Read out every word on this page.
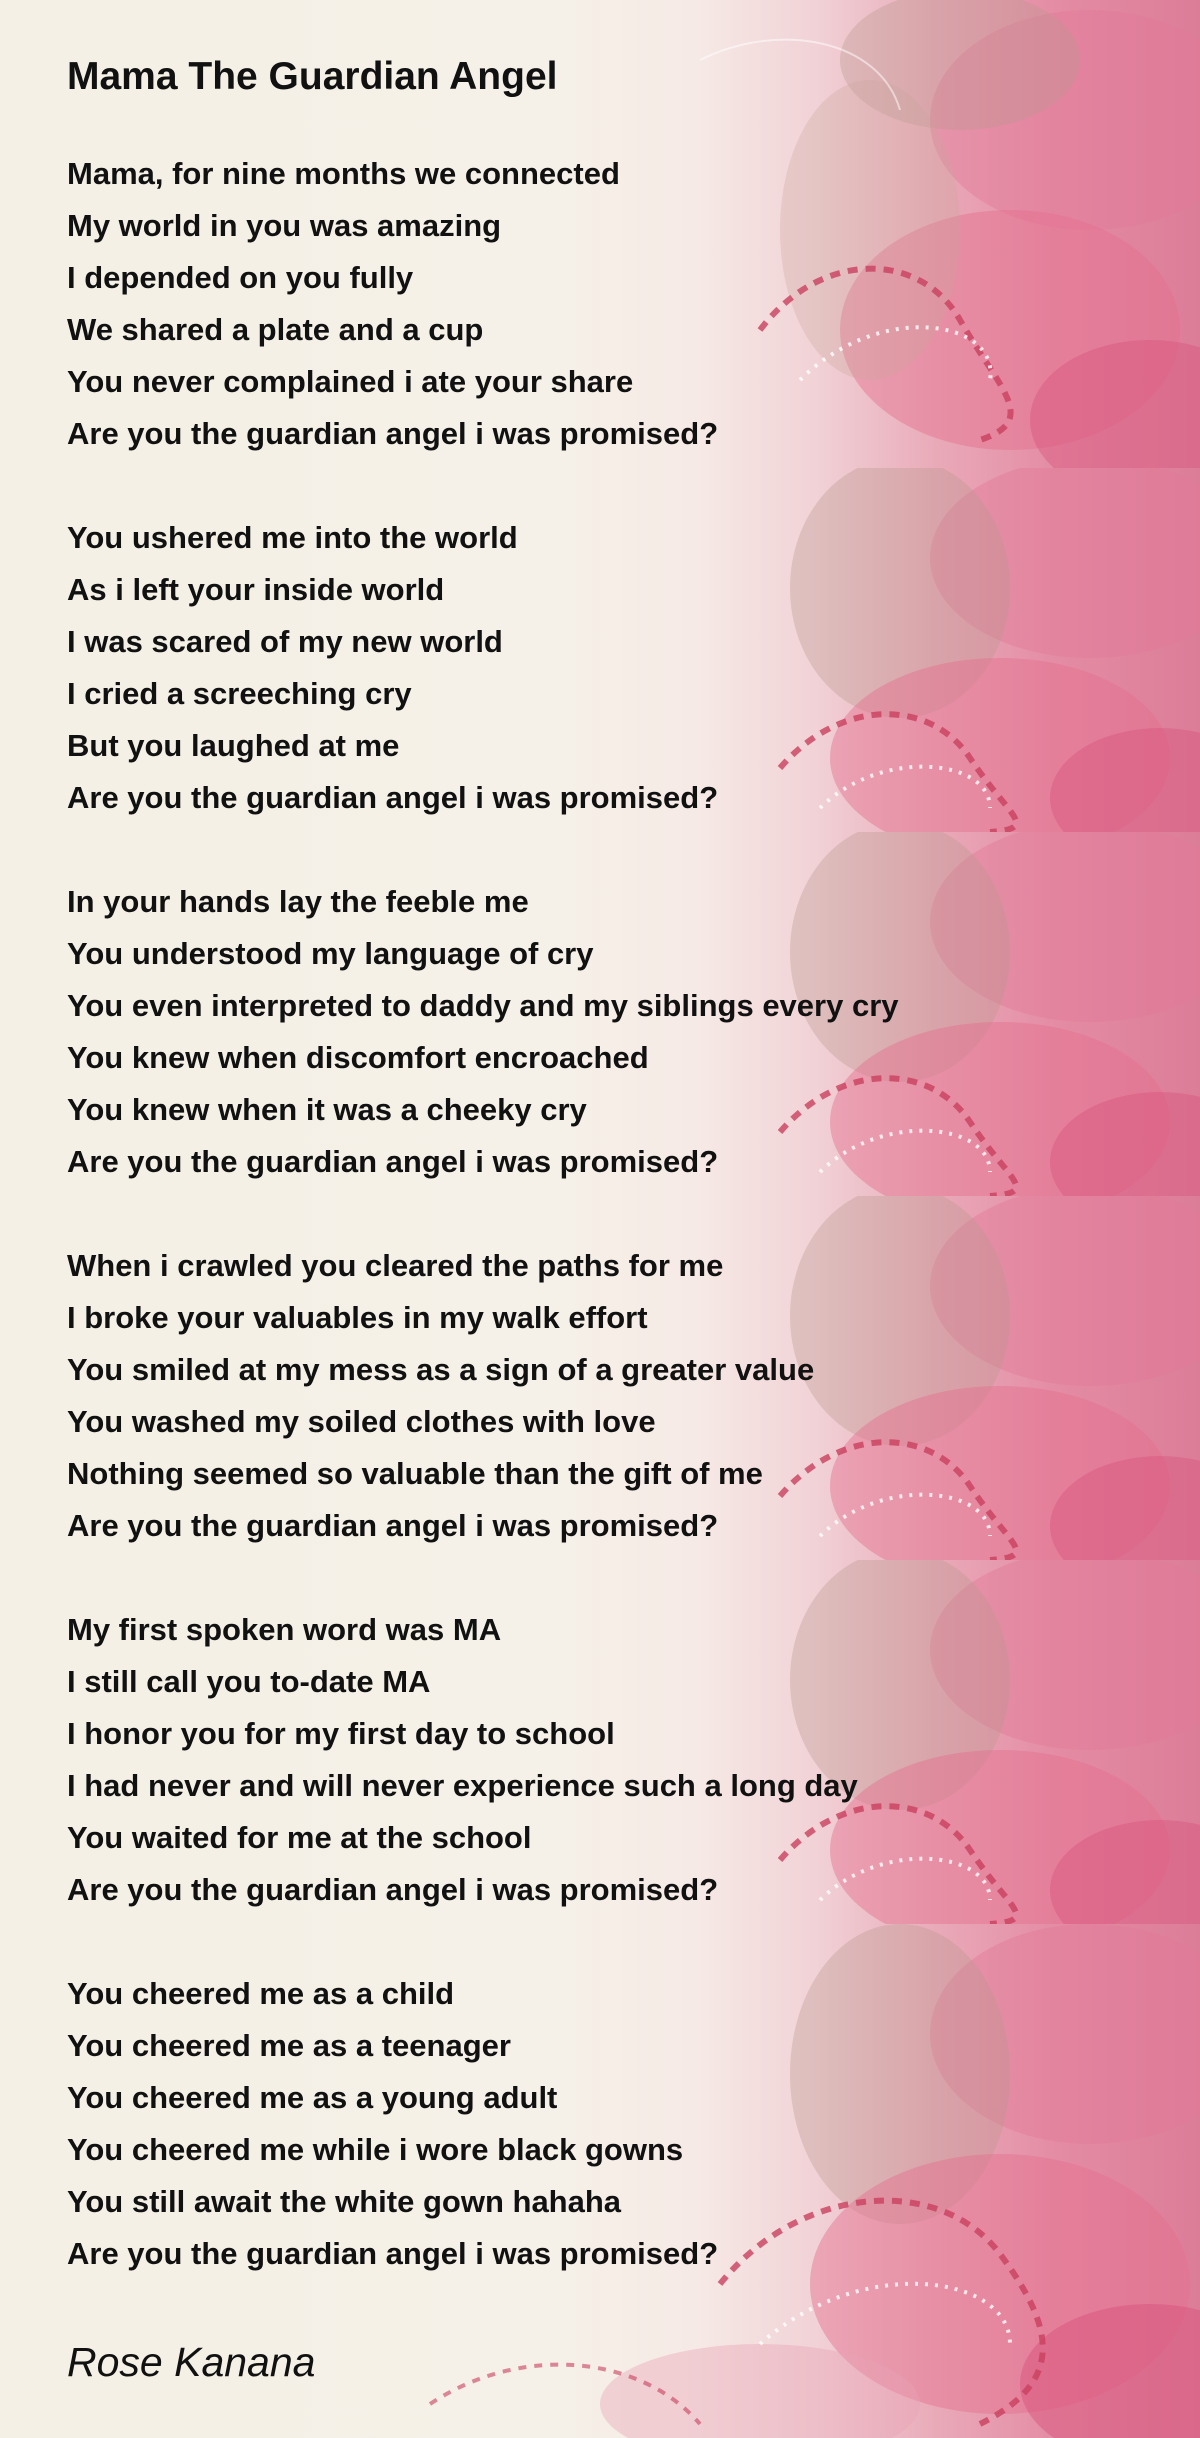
Mama The Guardian Angel
Mama, for nine months we connected
My world in you was amazing
I depended on you fully
We shared a plate and a cup
You never complained i ate your share
Are you the guardian angel i was promised?
You ushered me into the world
As i left your inside world
I was scared of my new world
I cried a screeching cry
But you laughed at me
Are you the guardian angel i was promised?
In your hands lay the feeble me
You understood my language of cry
You even interpreted to daddy and my siblings every cry
You knew when discomfort encroached
You knew when it was a cheeky cry
Are you the guardian angel i was promised?
When i crawled you cleared the paths for me
I broke your valuables in my walk effort
You smiled at my mess as a sign of a greater value
You washed my soiled clothes with love
Nothing seemed so valuable than the gift of me
Are you the guardian angel i was promised?
My first spoken word was MA
I still call you to-date MA
I honor you for my first day to school
I had never and will never experience such a long day
You waited for me at the school
Are you the guardian angel i was promised?
You cheered me as a child
You cheered me as a teenager
You cheered me as a young adult
You cheered me while i wore black gowns
You still await the white gown hahaha
Are you the guardian angel i was promised?

Rose Kanana
